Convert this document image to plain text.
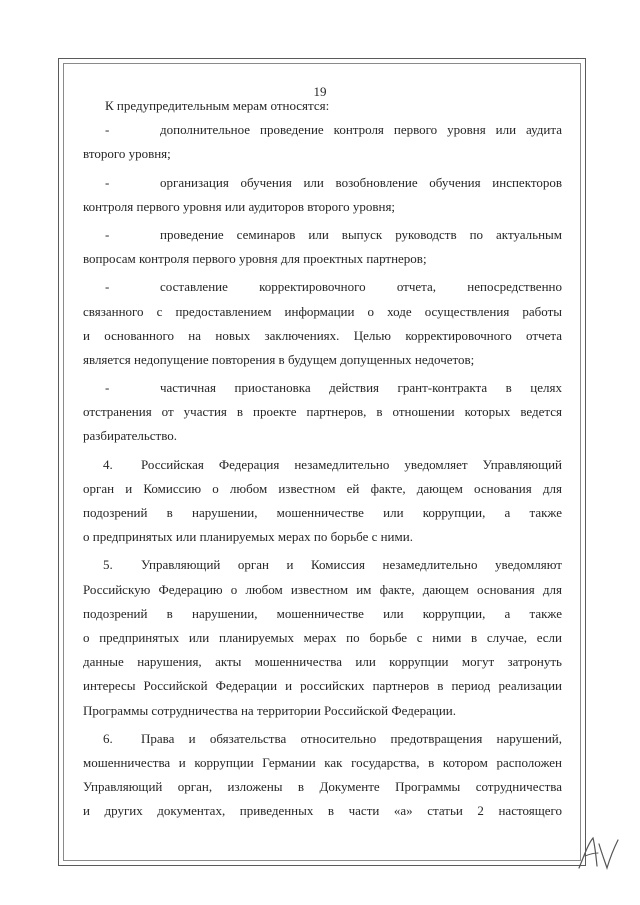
19
К предупредительным мерам относятся:
-	дополнительное проведение контроля первого уровня или аудита
второго уровня;
-	организация обучения или возобновление обучения инспекторов
контроля первого уровня или аудиторов второго уровня;
-	проведение семинаров или выпуск руководств по актуальным
вопросам контроля первого уровня для проектных партнеров;
-	составление корректировочного отчета, непосредственно
связанного с предоставлением информации о ходе осуществления работы
и основанного на новых заключениях. Целью корректировочного отчета
является недопущение повторения в будущем допущенных недочетов;
-	частичная приостановка действия грант-контракта в целях
отстранения от участия в проекте партнеров, в отношении которых ведется
разбирательство.
4.	Российская Федерация незамедлительно уведомляет Управляющий
орган и Комиссию о любом известном ей факте, дающем основания для
подозрений в нарушении, мошенничестве или коррупции, а также
о предпринятых или планируемых мерах по борьбе с ними.
5.	Управляющий орган и Комиссия незамедлительно уведомляют
Российскую Федерацию о любом известном им факте, дающем основания для
подозрений в нарушении, мошенничестве или коррупции, а также
о предпринятых или планируемых мерах по борьбе с ними в случае, если
данные нарушения, акты мошенничества или коррупции могут затронуть
интересы Российской Федерации и российских партнеров в период реализации
Программы сотрудничества на территории Российской Федерации.
6.	Права и обязательства относительно предотвращения нарушений,
мошенничества и коррупции Германии как государства, в котором расположен
Управляющий орган, изложены в Документе Программы сотрудничества
и других документах, приведенных в части «а» статьи 2 настоящего
